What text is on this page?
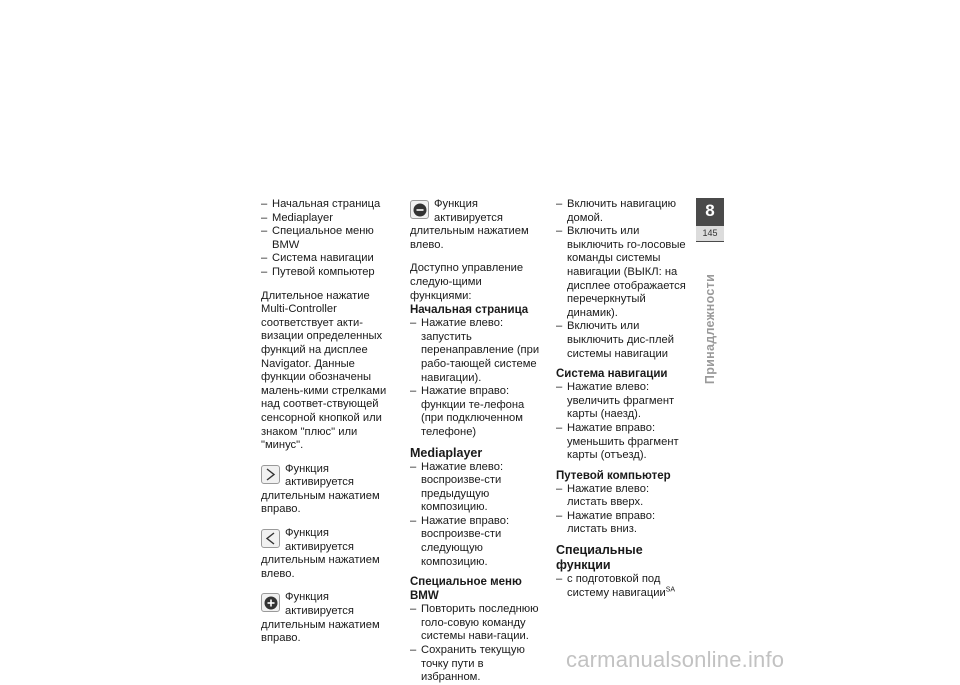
– Начальная страница
– Mediaplayer
– Специальное меню BMW
– Система навигации
– Путевой компьютер

Длительное нажатие Multi-Controller соответствует акти-визации определенных функций на дисплее Navigator. Данные функции обозначены малень-кими стрелками над соответ-ствующей сенсорной кнопкой или знаком "плюс" или "минус".

Функция активируется длительным нажатием вправо.
Функция активируется длительным нажатием влево.
Функция активируется длительным нажатием вправо.
Функция активируется длительным нажатием влево.

Доступно управление следую-щими функциями:

Начальная страница
– Нажатие влево: запустить перенаправление (при рабо-тающей системе навигации).
– Нажатие вправо: функции те-лефона (при подключенном телефоне)
Mediaplayer
– Нажатие влево: воспроизве-сти предыдущую композицию.
– Нажатие вправо: воспроизве-сти следующую композицию.
Специальное меню BMW
– Повторить последнюю голо-совую команду системы нави-гации.
– Сохранить текущую точку пути в избранном.
– Включить навигацию домой.
– Включить или выключить го-лосовые команды системы навигации (ВЫКЛ: на дисплее отображается перечеркнутый динамик).
– Включить или выключить дис-плей системы навигации
Система навигации
– Нажатие влево: увеличить фрагмент карты (наезд).
– Нажатие вправо: уменьшить фрагмент карты (отъезд).
Путевой компьютер
– Нажатие влево: листать вверх.
– Нажатие вправо: листать вниз.
Специальные функции
– с подготовкой под систему навигации$^{SA}$
8
145
Принадлежности
carmanualsonline.info
